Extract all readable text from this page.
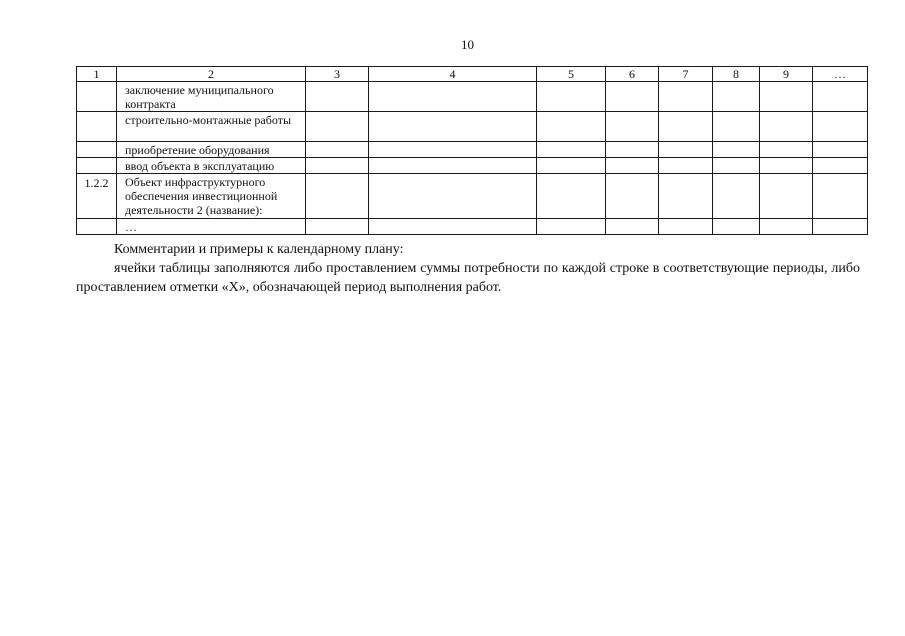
10
1	2	3	4	5	6	7	8	9	…
	заключение муниципального контракта								
	строительно-монтажные работы								
	приобретение оборудования								
	ввод объекта в эксплуатацию								
1.2.2	Объект инфраструктурного обеспечения инвестиционной деятельности 2 (название):								
	…								

Комментарии и примеры к календарному плану:

ячейки таблицы заполняются либо проставлением суммы потребности по каждой строке в соответствующие периоды, либо проставлением отметки «Х», обозначающей период выполнения работ.
